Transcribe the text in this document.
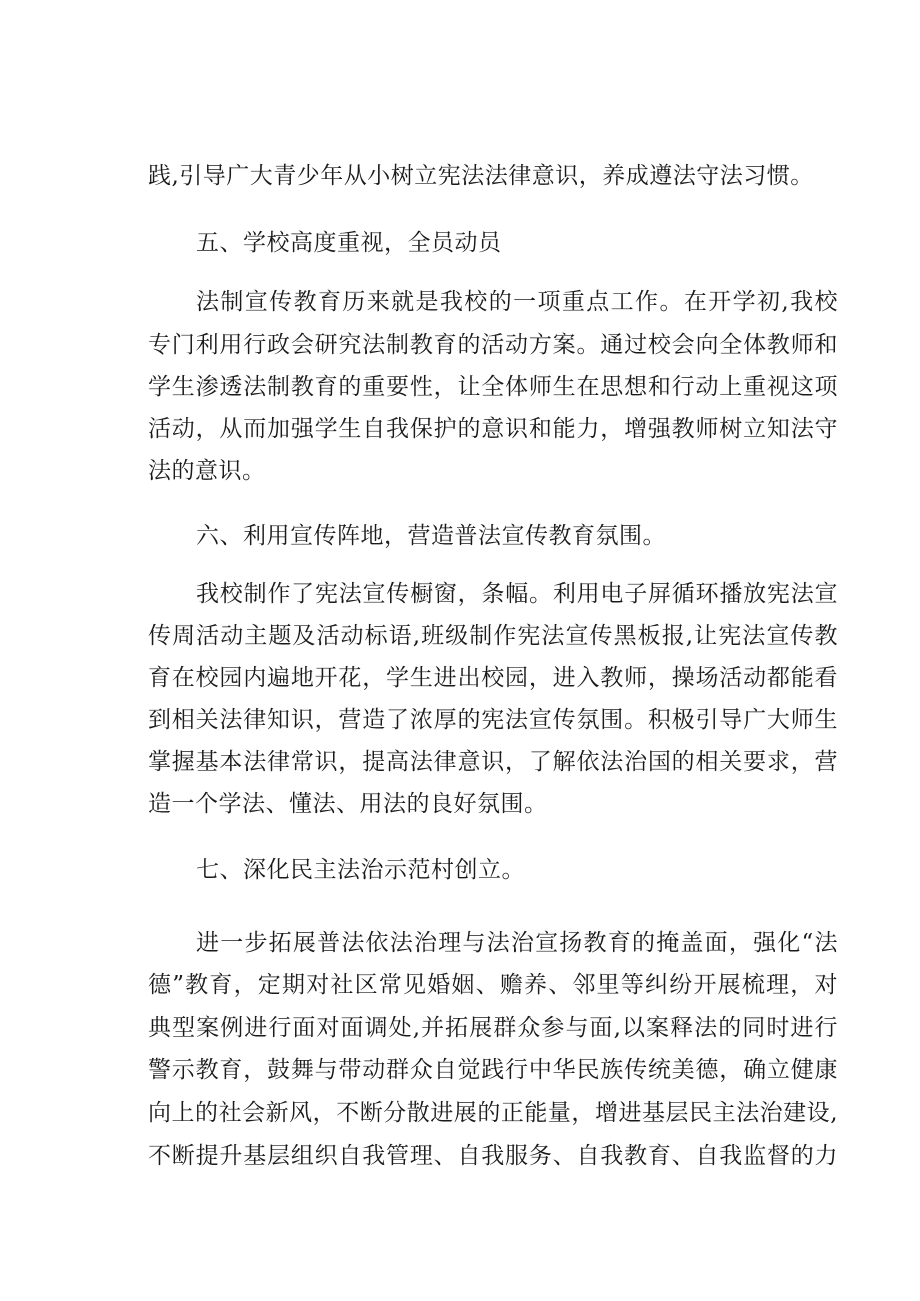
践,引导广大青少年从小树立宪法法律意识，养成遵法守法习惯。
五、学校高度重视，全员动员
法制宣传教育历来就是我校的一项重点工作。在开学初,我校
专门利用行政会研究法制教育的活动方案。通过校会向全体教师和
学生渗透法制教育的重要性，让全体师生在思想和行动上重视这项
活动，从而加强学生自我保护的意识和能力，增强教师树立知法守
法的意识。
六、利用宣传阵地，营造普法宣传教育氛围。
我校制作了宪法宣传橱窗，条幅。利用电子屏循环播放宪法宣
传周活动主题及活动标语,班级制作宪法宣传黑板报,让宪法宣传教
育在校园内遍地开花，学生进出校园，进入教师，操场活动都能看
到相关法律知识，营造了浓厚的宪法宣传氛围。积极引导广大师生
掌握基本法律常识，提高法律意识，了解依法治国的相关要求，营
造一个学法、懂法、用法的良好氛围。
七、深化民主法治示范村创立。
进一步拓展普法依法治理与法治宣扬教育的掩盖面，强化“法
德”教育，定期对社区常见婚姻、赡养、邻里等纠纷开展梳理，对
典型案例进行面对面调处,并拓展群众参与面,以案释法的同时进行
警示教育，鼓舞与带动群众自觉践行中华民族传统美德，确立健康
向上的社会新风，不断分散进展的正能量，增进基层民主法治建设,
不断提升基层组织自我管理、自我服务、自我教育、自我监督的力
